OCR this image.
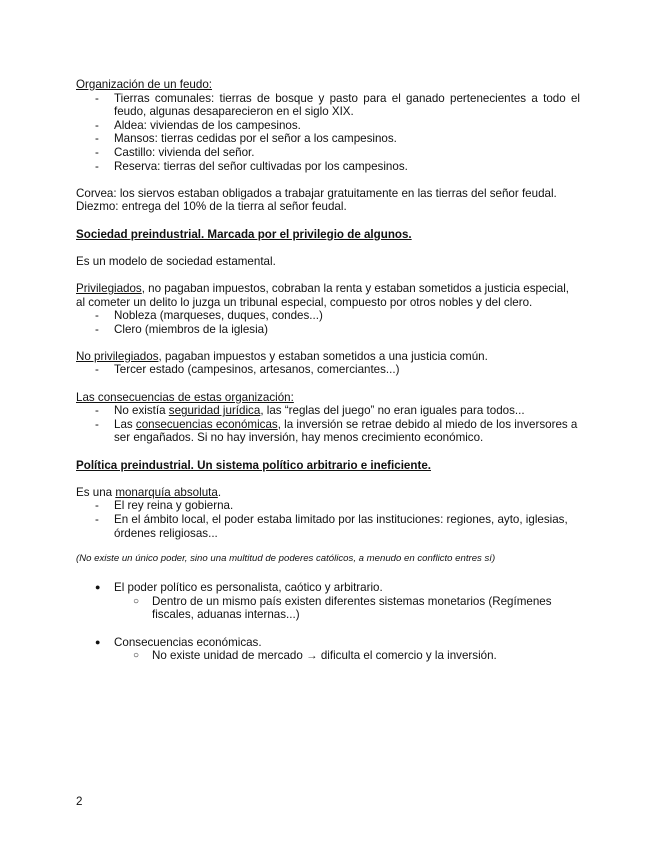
Organización de un feudo:

- Tierras comunales: tierras de bosque y pasto para el ganado pertenecientes a todo el feudo, algunas desaparecieron en el siglo XIX.
- Aldea: viviendas de los campesinos.
- Mansos: tierras cedidas por el señor a los campesinos.
- Castillo: vivienda del señor.
- Reserva: tierras del señor cultivadas por los campesinos.

Corvea: los siervos estaban obligados a trabajar gratuitamente en las tierras del señor feudal.

Diezmo: entrega del 10% de la tierra al señor feudal.

Sociedad preindustrial. Marcada por el privilegio de algunos.

Es un modelo de sociedad estamental.

Privilegiados, no pagaban impuestos, cobraban la renta y estaban sometidos a justicia especial, al cometer un delito lo juzga un tribunal especial, compuesto por otros nobles y del clero.

- Nobleza (marqueses, duques, condes...)
- Clero (miembros de la iglesia)

No privilegiados, pagaban impuestos y estaban sometidos a una justicia común.

- Tercer estado (campesinos, artesanos, comerciantes...)

Las consecuencias de estas organización:

- No existía seguridad jurídica, las “reglas del juego” no eran iguales para todos...
- Las consecuencias económicas, la inversión se retrae debido al miedo de los inversores a ser engañados. Si no hay inversión, hay menos crecimiento económico.

Política preindustrial. Un sistema político arbitrario e ineficiente.

Es una monarquía absoluta.

- El rey reina y gobierna.
- En el ámbito local, el poder estaba limitado por las instituciones: regiones, ayto, iglesias, órdenes religiosas...

(No existe un único poder, sino una multitud de poderes católicos, a menudo en conflicto entres sí)

● El poder político es personalista, caótico y arbitrario.
○ Dentro de un mismo país existen diferentes sistemas monetarios (Regímenes fiscales, aduanas internas...)
● Consecuencias económicas.
○ No existe unidad de mercado → dificulta el comercio y la inversión.
2
